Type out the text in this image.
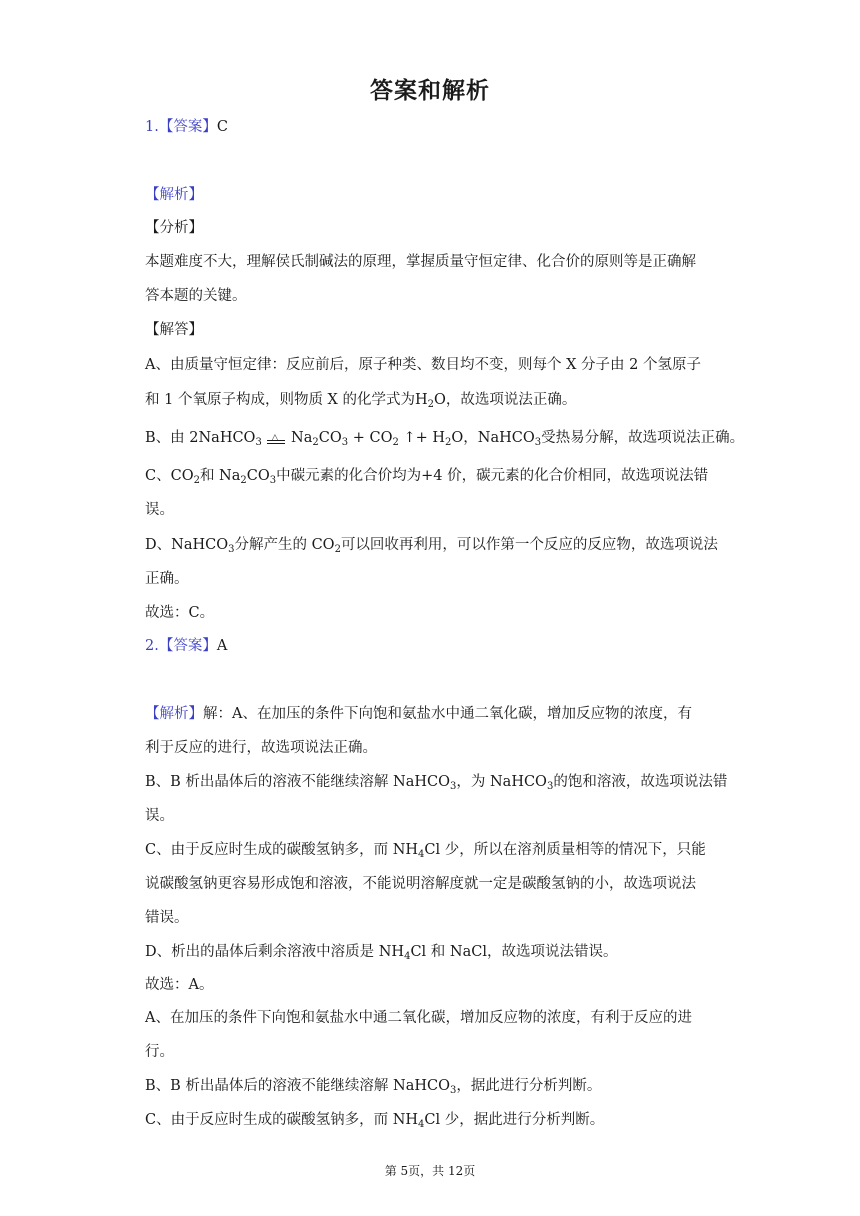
答案和解析
1.【答案】C
【解析】
【分析】
本题难度不大，理解侯氏制碱法的原理，掌握质量守恒定律、化合价的原则等是正确解
答本题的关键。
【解答】
A、由质量守恒定律：反应前后，原子种类、数目均不变，则每个 X 分子由 2 个氢原子
和 1 个氧原子构成，则物质 X 的化学式为$H_2O$，故选项说法正确。
B、由 2NaHCO$_3$ △ $Na_2CO_3 + CO_2$ ↑+ $H_2O$，NaHCO$_3$受热易分解，故选项说法正确。
C、$CO_2$和 $Na_2CO_3$中碳元素的化合价均为+4 价，碳元素的化合价相同，故选项说法错
误。
D、NaHCO$_3$分解产生的 $CO_2$可以回收再利用，可以作第一个反应的反应物，故选项说法
正确。
故选：C。
2.【答案】A
【解析】解：A、在加压的条件下向饱和氨盐水中通二氧化碳，增加反应物的浓度，有
利于反应的进行，故选项说法正确。
B、B 析出晶体后的溶液不能继续溶解 NaHCO$_3$，为 NaHCO$_3$的饱和溶液，故选项说法错
误。
C、由于反应时生成的碳酸氢钠多，而 $NH_4Cl$ 少，所以在溶剂质量相等的情况下，只能
说碳酸氢钠更容易形成饱和溶液，不能说明溶解度就一定是碳酸氢钠的小，故选项说法
错误。
D、析出的晶体后剩余溶液中溶质是 $NH_4Cl$ 和 NaCl，故选项说法错误。
故选：A。
A、在加压的条件下向饱和氨盐水中通二氧化碳，增加反应物的浓度，有利于反应的进
行。
B、B 析出晶体后的溶液不能继续溶解 NaHCO$_3$，据此进行分析判断。
C、由于反应时生成的碳酸氢钠多，而 $NH_4Cl$ 少，据此进行分析判断。
第 5页，共 12页
